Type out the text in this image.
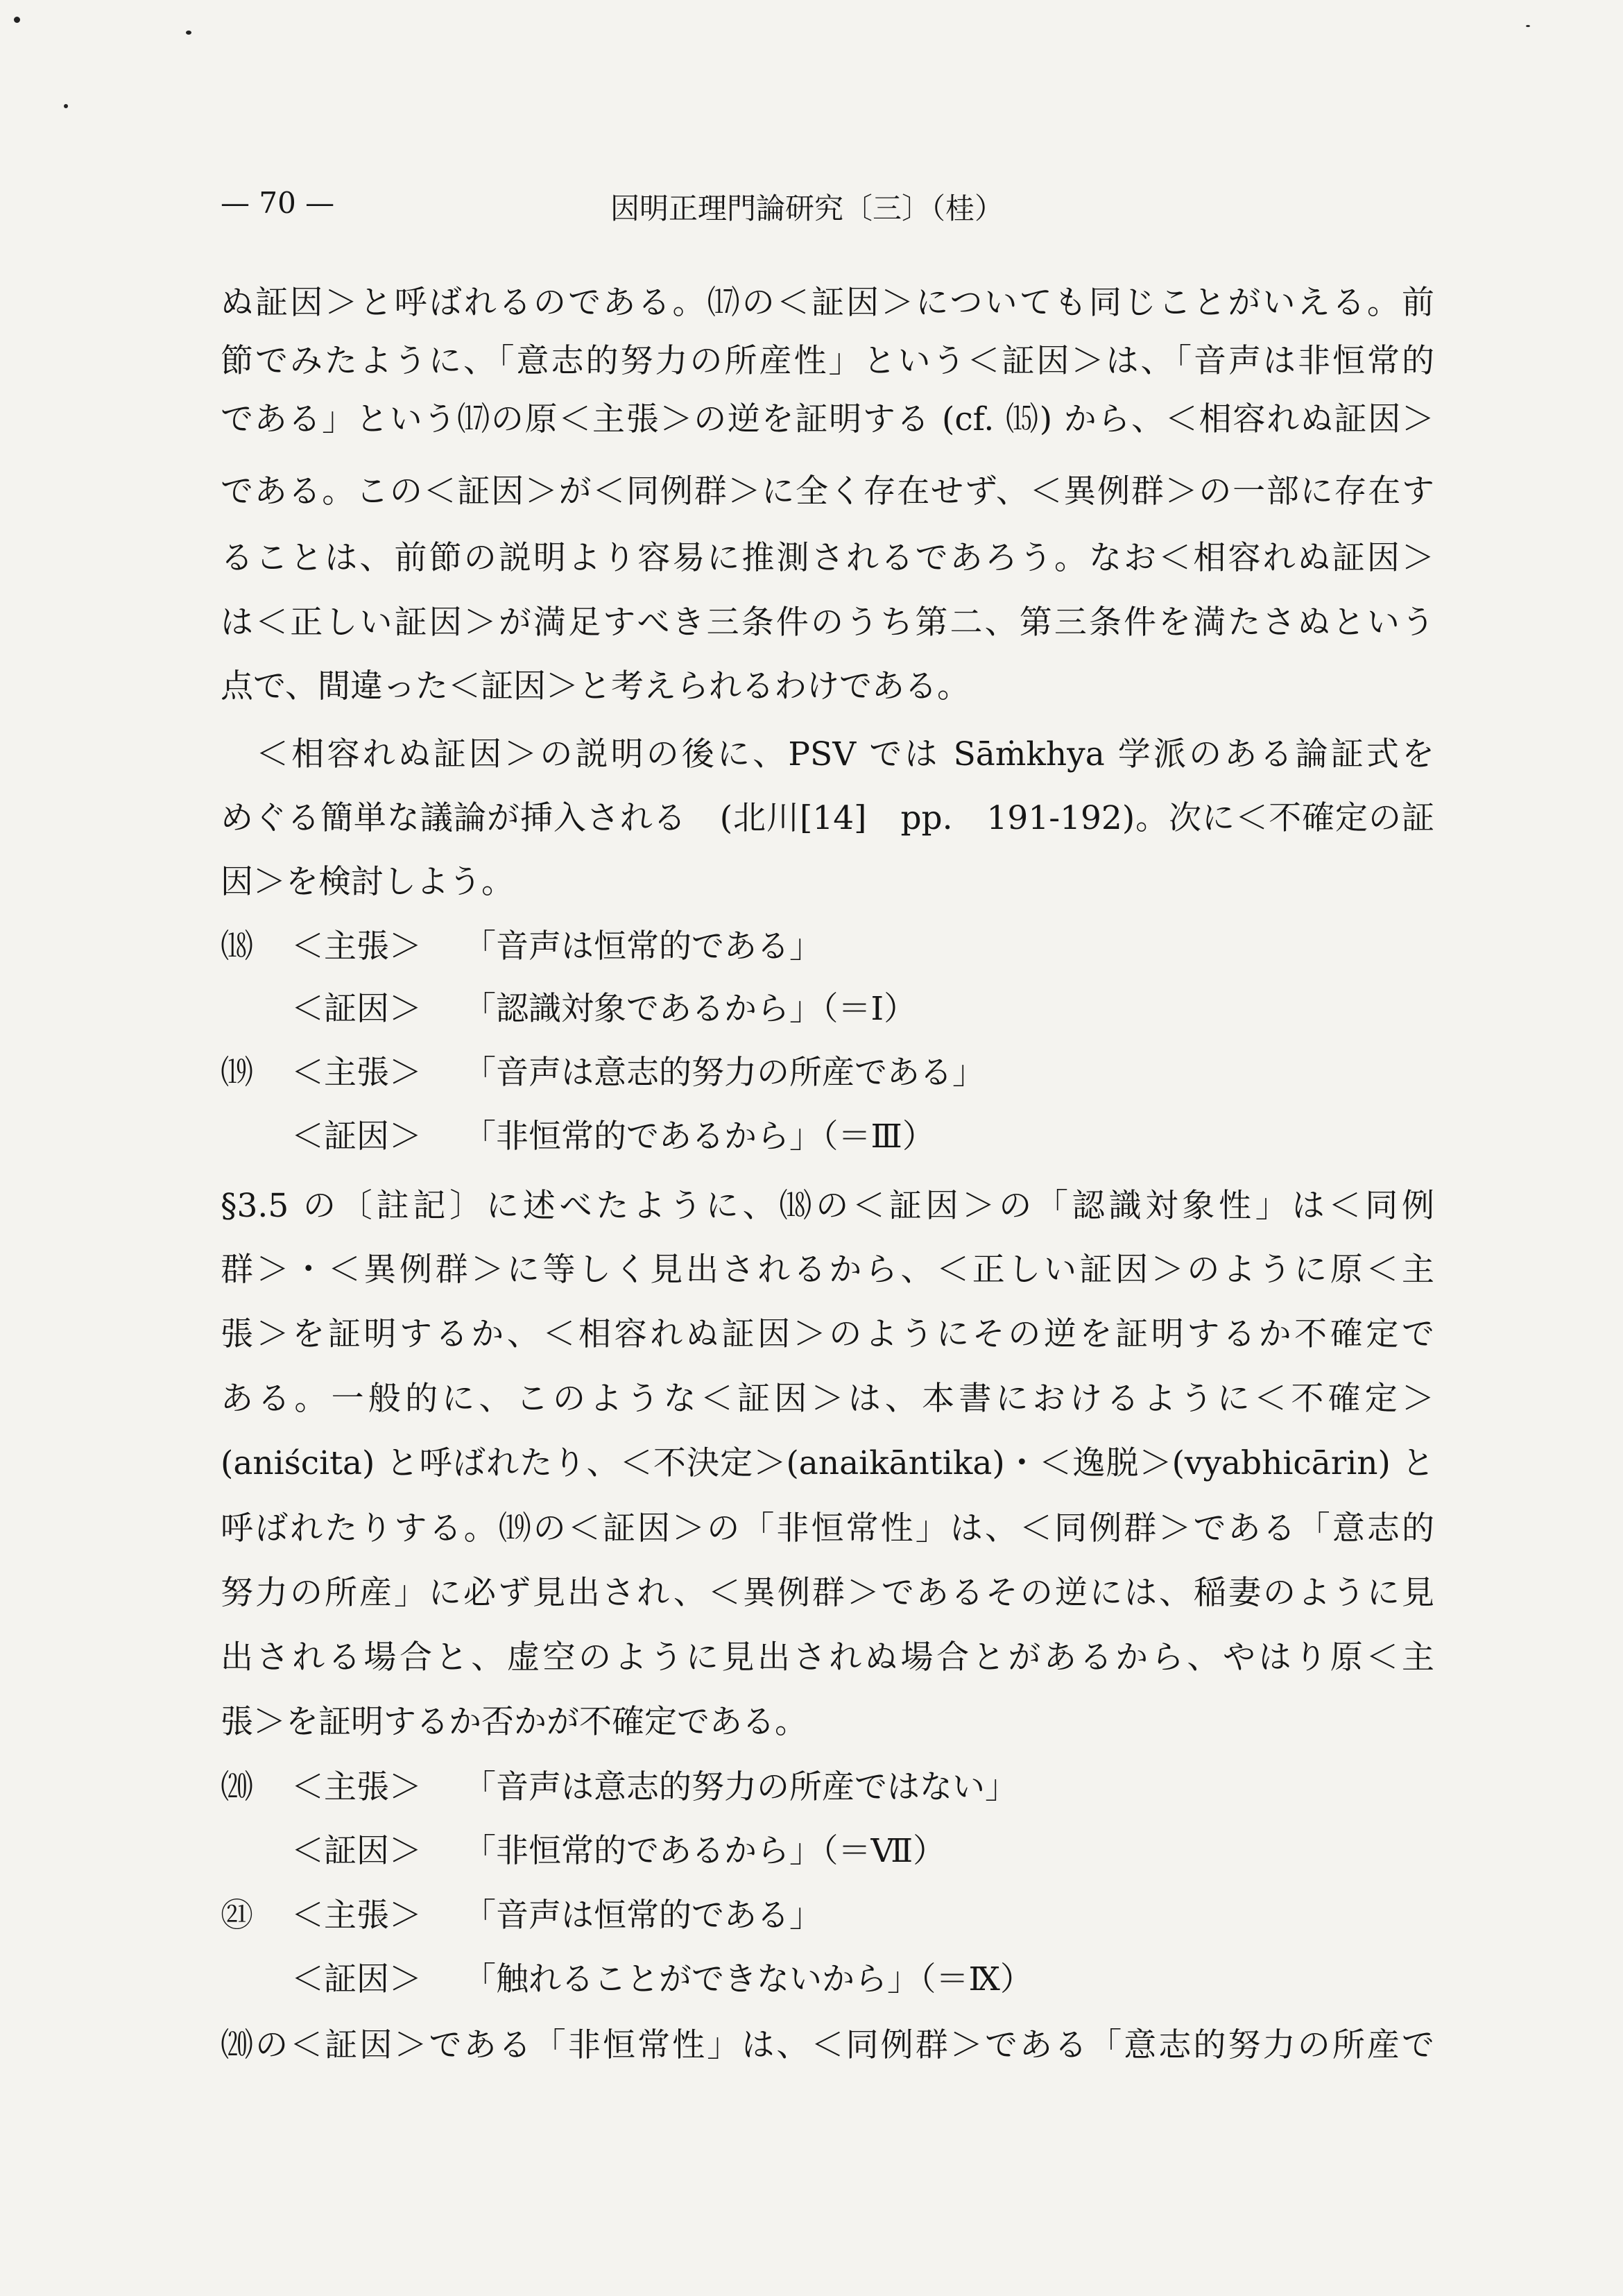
— 70 —	因明正理門論研究〔三〕（桂）
ぬ証因＞と呼ばれるのである。⒄の＜証因＞についても同じことがいえる。前
節でみたように、「意志的努力の所産性」という＜証因＞は、「音声は非恒常的
である」という⒄の原＜主張＞の逆を証明する (cf. ⒂) から、＜相容れぬ証因＞
である。この＜証因＞が＜同例群＞に全く存在せず、＜異例群＞の一部に存在す
ることは、前節の説明より容易に推測されるであろう。なお＜相容れぬ証因＞
は＜正しい証因＞が満足すべき三条件のうち第二、第三条件を満たさぬという
点で、間違った＜証因＞と考えられるわけである。
　＜相容れぬ証因＞の説明の後に、PSV では Sāṁkhya 学派のある論証式を
めぐる簡単な議論が挿入される　(北川[14]　pp.　191-192)。次に＜不確定の証
因＞を検討しよう。
⒅	＜主張＞	「音声は恒常的である」
＜証因＞	「認識対象であるから」（＝Ⅰ）
⒆	＜主張＞	「音声は意志的努力の所産である」
＜証因＞	「非恒常的であるから」（＝Ⅲ）
§3.5 の〔註記〕に述べたように、⒅の＜証因＞の「認識対象性」は＜同例
群＞・＜異例群＞に等しく見出されるから、＜正しい証因＞のように原＜主
張＞を証明するか、＜相容れぬ証因＞のようにその逆を証明するか不確定で
ある。一般的に、このような＜証因＞は、本書におけるように＜不確定＞
(aniścita) と呼ばれたり、＜不決定＞(anaikāntika)・＜逸脱＞(vyabhicārin) と
呼ばれたりする。⒆の＜証因＞の「非恒常性」は、＜同例群＞である「意志的
努力の所産」に必ず見出され、＜異例群＞であるその逆には、稲妻のように見
出される場合と、虚空のように見出されぬ場合とがあるから、やはり原＜主
張＞を証明するか否かが不確定である。
⒇	＜主張＞	「音声は意志的努力の所産ではない」
＜証因＞	「非恒常的であるから」（＝Ⅶ）
㉑	＜主張＞	「音声は恒常的である」
＜証因＞	「触れることができないから」（＝Ⅸ）
⒇の＜証因＞である「非恒常性」は、＜同例群＞である「意志的努力の所産で
